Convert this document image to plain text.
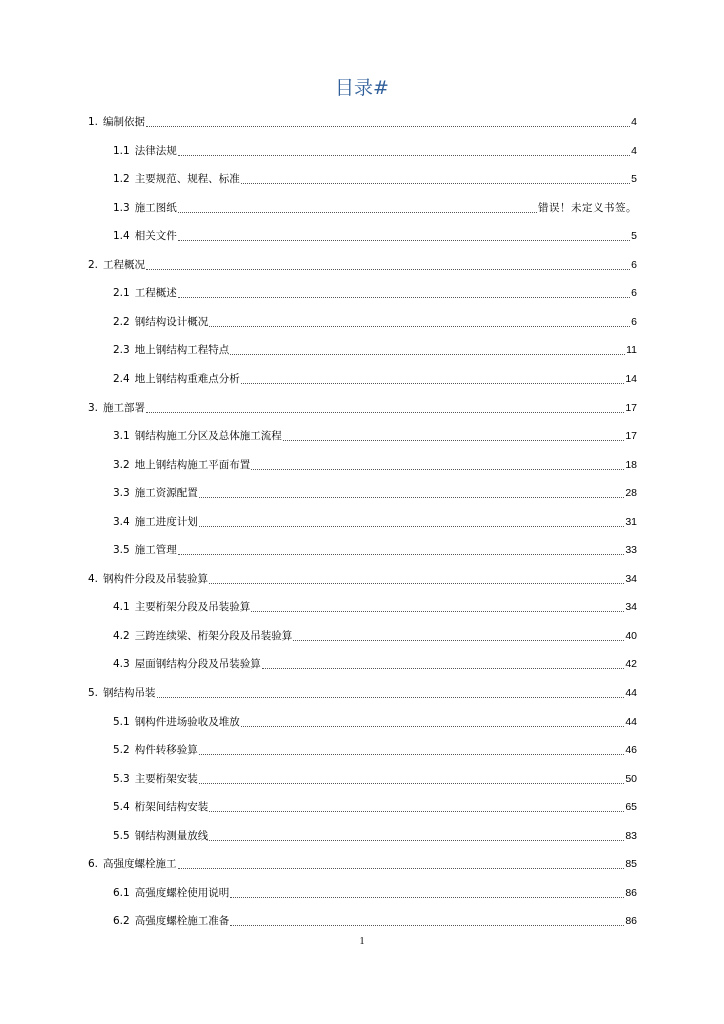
目录#
1. 编制依据	4
1.1 法律法规	4
1.2 主要规范、规程、标准	5
1.3 施工图纸	错误！未定义书签。
1.4 相关文件	5
2. 工程概况	6
2.1 工程概述	6
2.2 钢结构设计概况	6
2.3 地上钢结构工程特点	11
2.4 地上钢结构重难点分析	14
3. 施工部署	17
3.1 钢结构施工分区及总体施工流程	17
3.2 地上钢结构施工平面布置	18
3.3 施工资源配置	28
3.4 施工进度计划	31
3.5 施工管理	33
4. 钢构件分段及吊装验算	34
4.1 主要桁架分段及吊装验算	34
4.2 三跨连续梁、桁架分段及吊装验算	40
4.3 屋面钢结构分段及吊装验算	42
5. 钢结构吊装	44
5.1 钢构件进场验收及堆放	44
5.2 构件转移验算	46
5.3 主要桁架安装	50
5.4 桁架间结构安装	65
5.5 钢结构测量放线	83
6. 高强度螺栓施工	85
6.1 高强度螺栓使用说明	86
6.2 高强度螺栓施工准备	86
1
